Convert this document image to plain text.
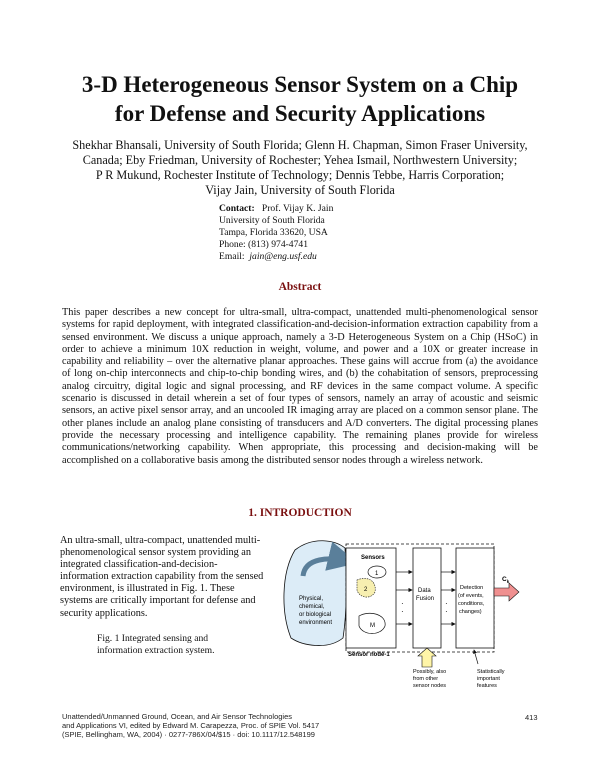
3-D Heterogeneous Sensor System on a Chip
for Defense and Security Applications
Shekhar Bhansali, University of South Florida; Glenn H. Chapman, Simon Fraser University,
Canada; Eby Friedman, University of Rochester; Yehea Ismail, Northwestern University;
P R Mukund, Rochester Institute of Technology; Dennis Tebbe, Harris Corporation;
Vijay Jain, University of South Florida
Contact: Prof. Vijay K. Jain
University of South Florida
Tampa, Florida 33620, USA
Phone: (813) 974-4741
Email: jain@eng.usf.edu
Abstract
This paper describes a new concept for ultra-small, ultra-compact, unattended multi-phenomenological sensor systems for rapid deployment, with integrated classification-and-decision-information extraction capability from a sensed environment. We discuss a unique approach, namely a 3-D Heterogeneous System on a Chip (HSoC) in order to achieve a minimum 10X reduction in weight, volume, and power and a 10X or greater increase in capability and reliability – over the alternative planar approaches. These gains will accrue from (a) the avoidance of long on-chip interconnects and chip-to-chip bonding wires, and (b) the cohabitation of sensors, preprocessing analog circuitry, digital logic and signal processing, and RF devices in the same compact volume. A specific scenario is discussed in detail wherein a set of four types of sensors, namely an array of acoustic and seismic sensors, an active pixel sensor array, and an uncooled IR imaging array are placed on a common sensor plane. The other planes include an analog plane consisting of transducers and A/D converters. The digital processing planes provide the necessary processing and intelligence capability. The remaining planes provide for wireless communications/networking capability. When appropriate, this processing and decision-making will be accomplished on a collaborative basis among the distributed sensor nodes through a wireless network.
1. INTRODUCTION
An ultra-small, ultra-compact, unattended multi-phenomenological sensor system providing an integrated classification-and-decision-information extraction capability from the sensed environment, is illustrated in Fig. 1. These systems are critically important for defense and security applications.
Fig. 1 Integrated sensing and information extraction system.
Physical,
chemical,
or biological
environment
Sensors
1
2
M
Data
Fusion
Detection
(of events,
conditions,
changes)
·
·
·
·
$C_k$
Sensor node-1
Possibly, also
from other
sensor nodes
Statistically
important
features
Unattended/Unmanned Ground, Ocean, and Air Sensor Technologies
and Applications VI, edited by Edward M. Carapezza, Proc. of SPIE Vol. 5417
(SPIE, Bellingham, WA, 2004) · 0277-786X/04/$15 · doi: 10.1117/12.548199
413
